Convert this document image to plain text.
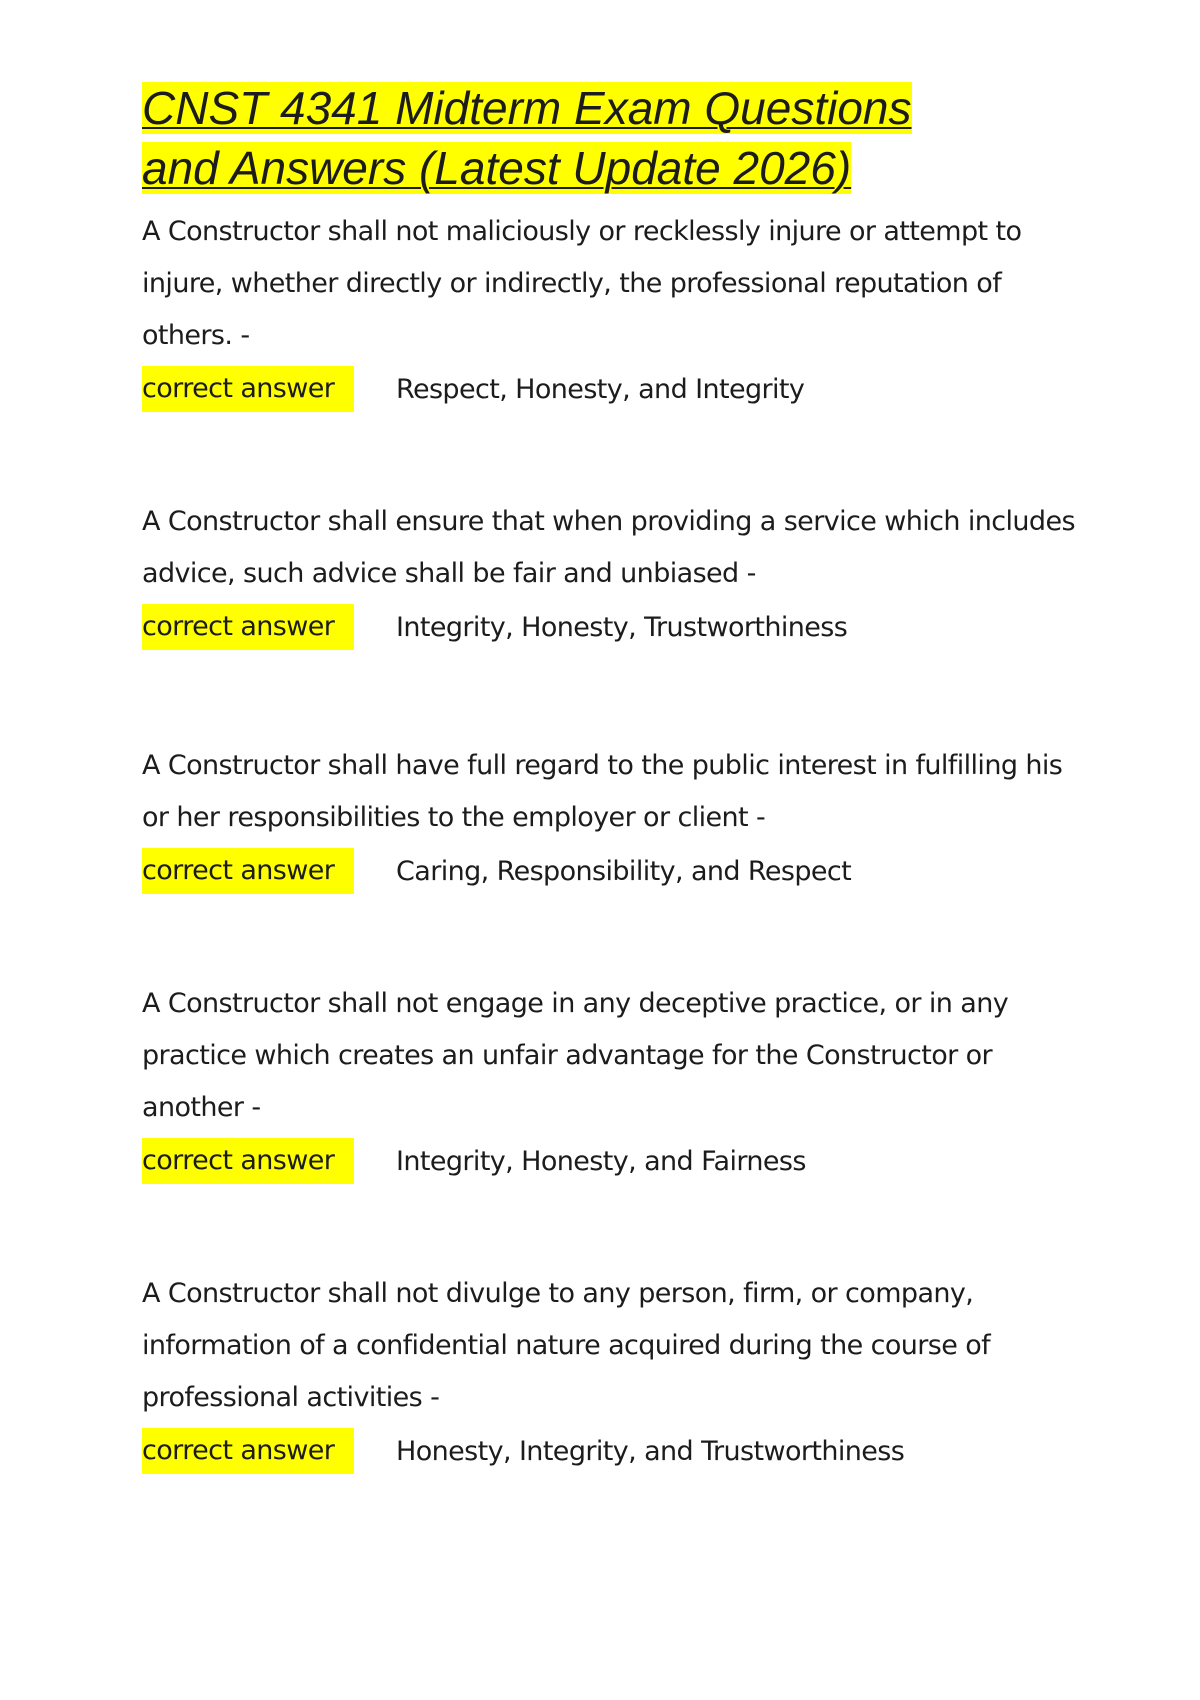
CNST 4341 Midterm Exam Questions
and Answers (Latest Update 2026)

A Constructor shall not maliciously or recklessly injure or attempt to injure, whether directly or indirectly, the professional reputation of others. -

correct answer	Respect, Honesty, and Integrity

A Constructor shall ensure that when providing a service which includes advice, such advice shall be fair and unbiased -

correct answer	Integrity, Honesty, Trustworthiness

A Constructor shall have full regard to the public interest in fulfilling his or her responsibilities to the employer or client -

correct answer	Caring, Responsibility, and Respect

A Constructor shall not engage in any deceptive practice, or in any practice which creates an unfair advantage for the Constructor or another -

correct answer	Integrity, Honesty, and Fairness

A Constructor shall not divulge to any person, firm, or company, information of a confidential nature acquired during the course of professional activities -

correct answer	Honesty, Integrity, and Trustworthiness
